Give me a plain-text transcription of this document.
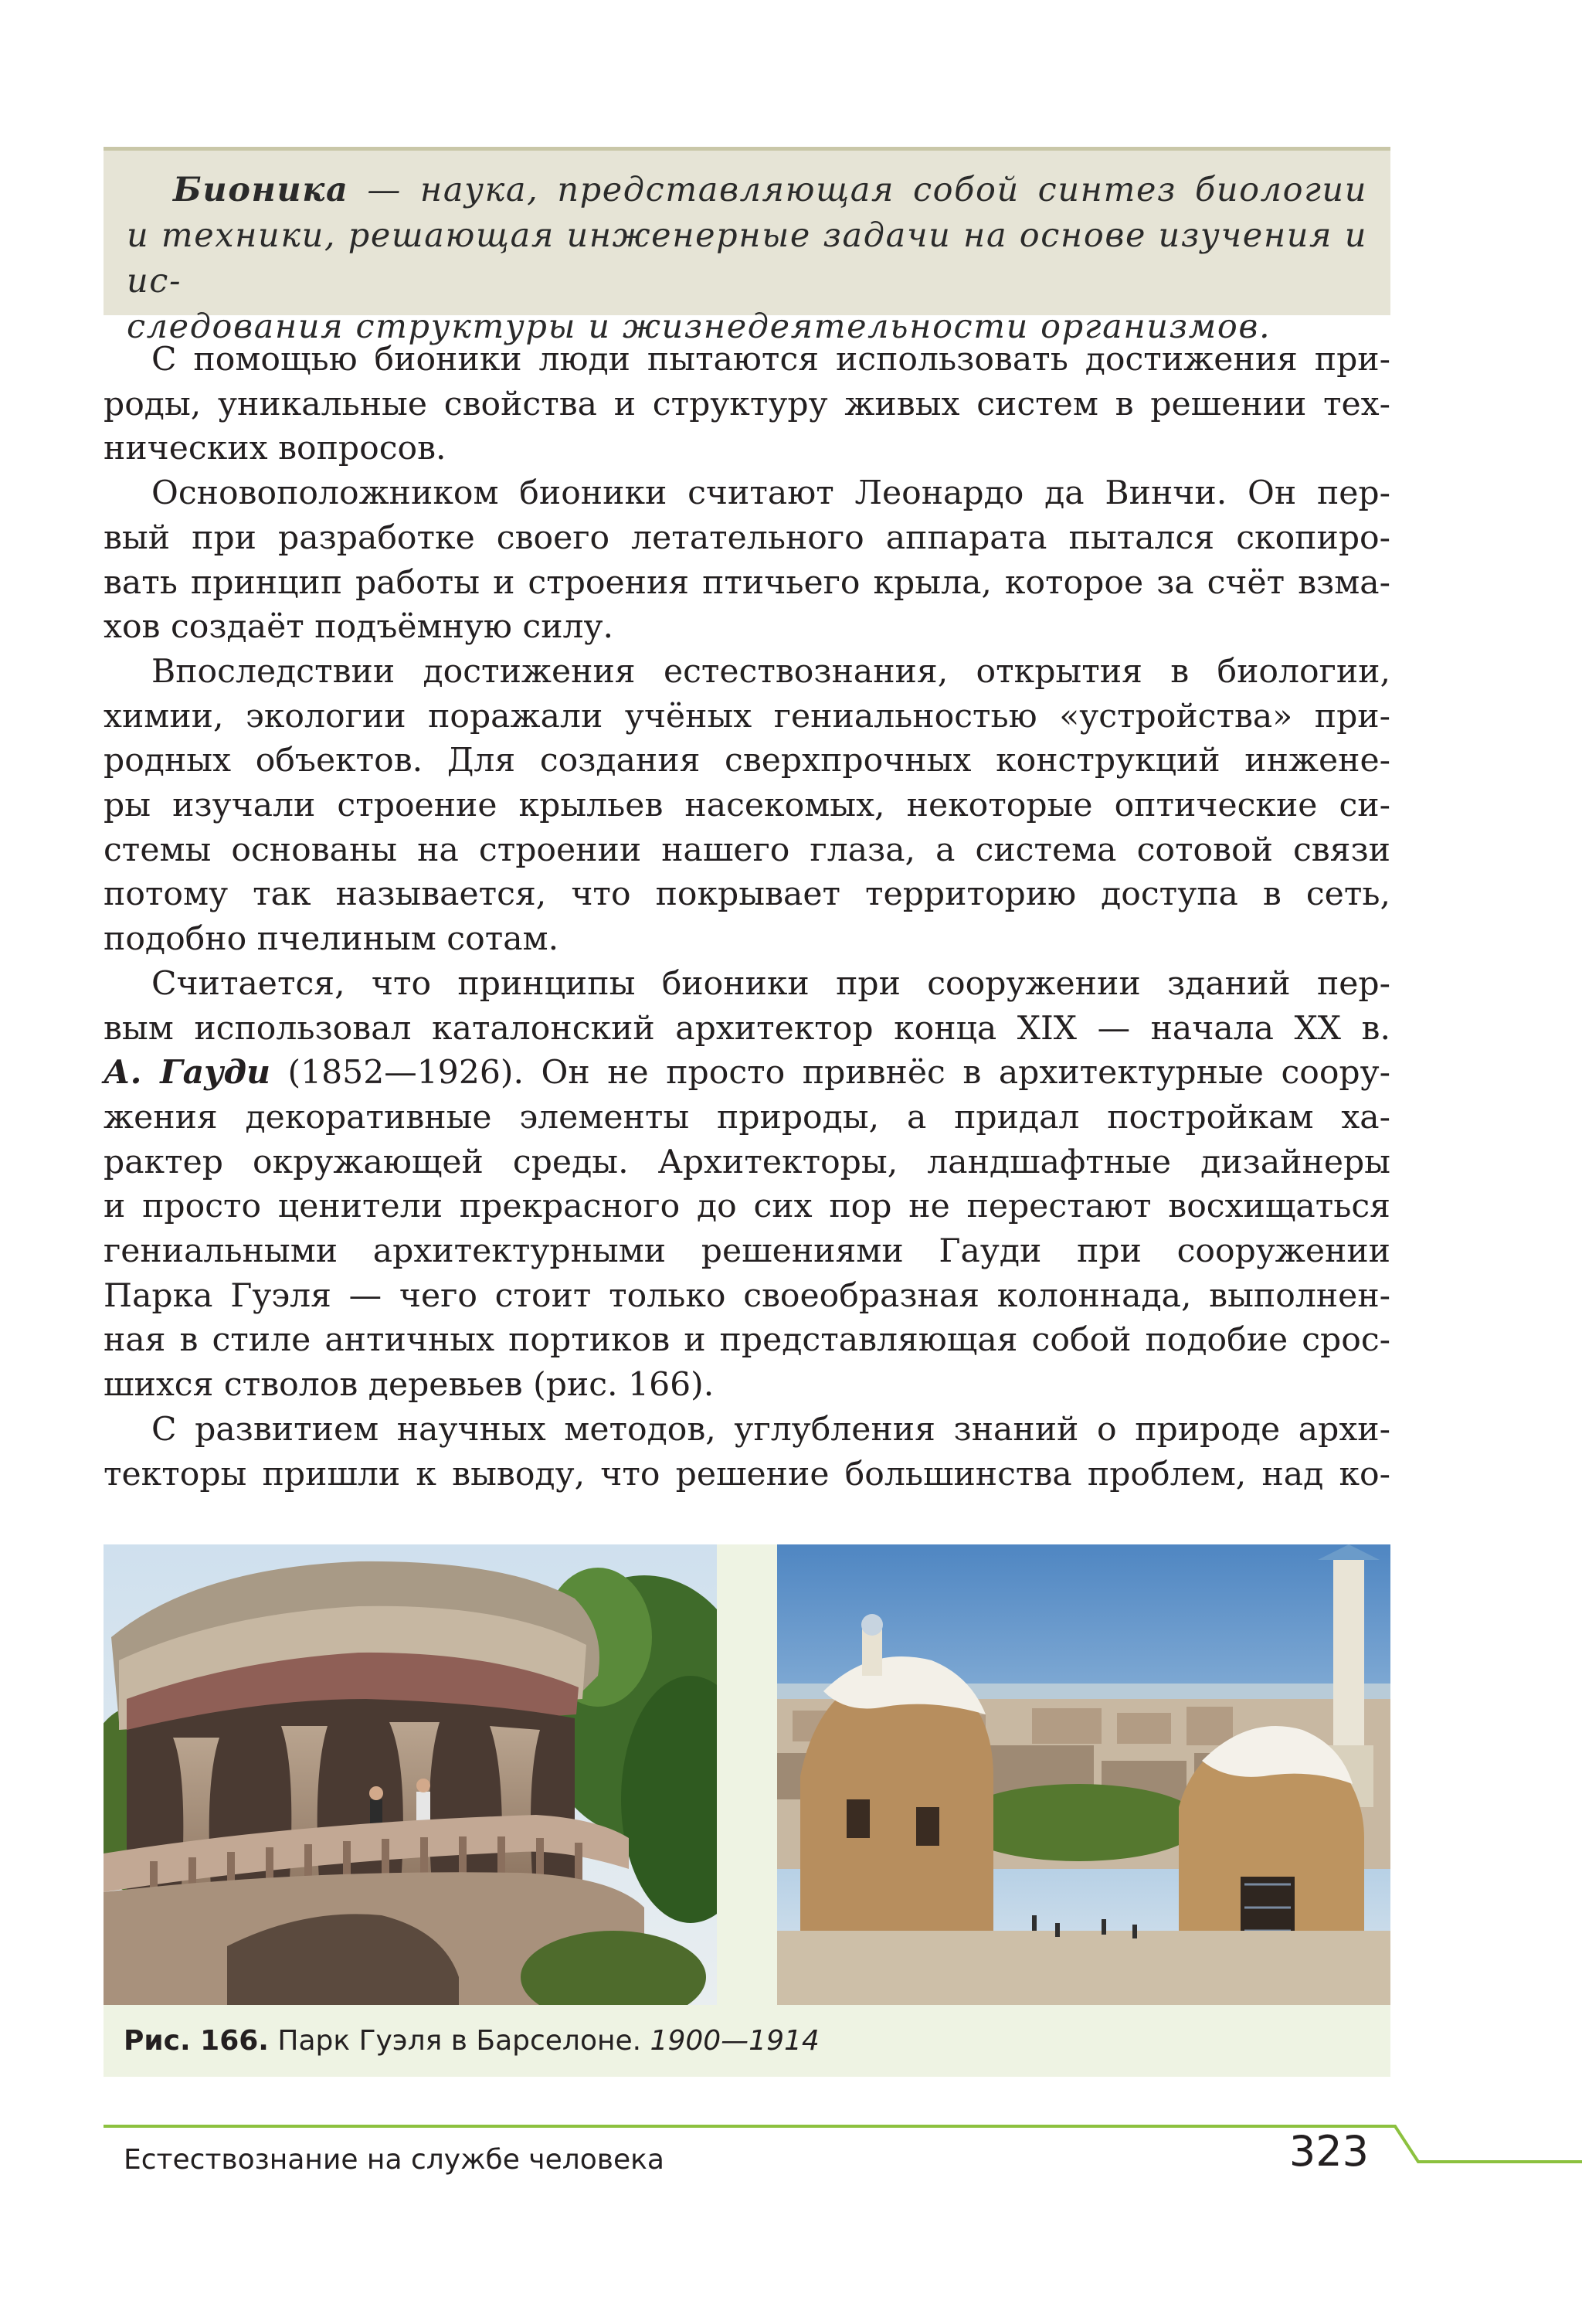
Бионика — наука, представляющая собой синтез биологии
и техники, решающая инженерные задачи на основе изучения и ис-
следования структуры и жизнедеятельности организмов.

С помощью бионики люди пытаются использовать достижения при-
роды, уникальные свойства и структуру живых систем в решении тех-
нических вопросов.

Основоположником бионики считают Леонардо да Винчи. Он пер-
вый при разработке своего летательного аппарата пытался скопиро-
вать принцип работы и строения птичьего крыла, которое за счёт взма-
хов создаёт подъёмную силу.

Впоследствии достижения естествознания, открытия в биологии,
химии, экологии поражали учёных гениальностью «устройства» при-
родных объектов. Для создания сверхпрочных конструкций инжене-
ры изучали строение крыльев насекомых, некоторые оптические си-
стемы основаны на строении нашего глаза, а система сотовой связи
потому так называется, что покрывает территорию доступа в сеть,
подобно пчелиным сотам.

Считается, что принципы бионики при сооружении зданий пер-
вым использовал каталонский архитектор конца XIX — начала XX в.
А. Гауди (1852—1926). Он не просто привнёс в архитектурные соору-
жения декоративные элементы природы, а придал постройкам ха-
рактер окружающей среды. Архитекторы, ландшафтные дизайнеры
и просто ценители прекрасного до сих пор не перестают восхищаться
гениальными архитектурными решениями Гауди при сооружении
Парка Гуэля — чего стоит только своеобразная колоннада, выполнен-
ная в стиле античных портиков и представляющая собой подобие срос-
шихся стволов деревьев (рис. 166).

С развитием научных методов, углубления знаний о природе архи-
текторы пришли к выводу, что решение большинства проблем, над ко-

Рис. 166. Парк Гуэля в Барселоне. 1900—1914
Естествознание на службе человека	323
